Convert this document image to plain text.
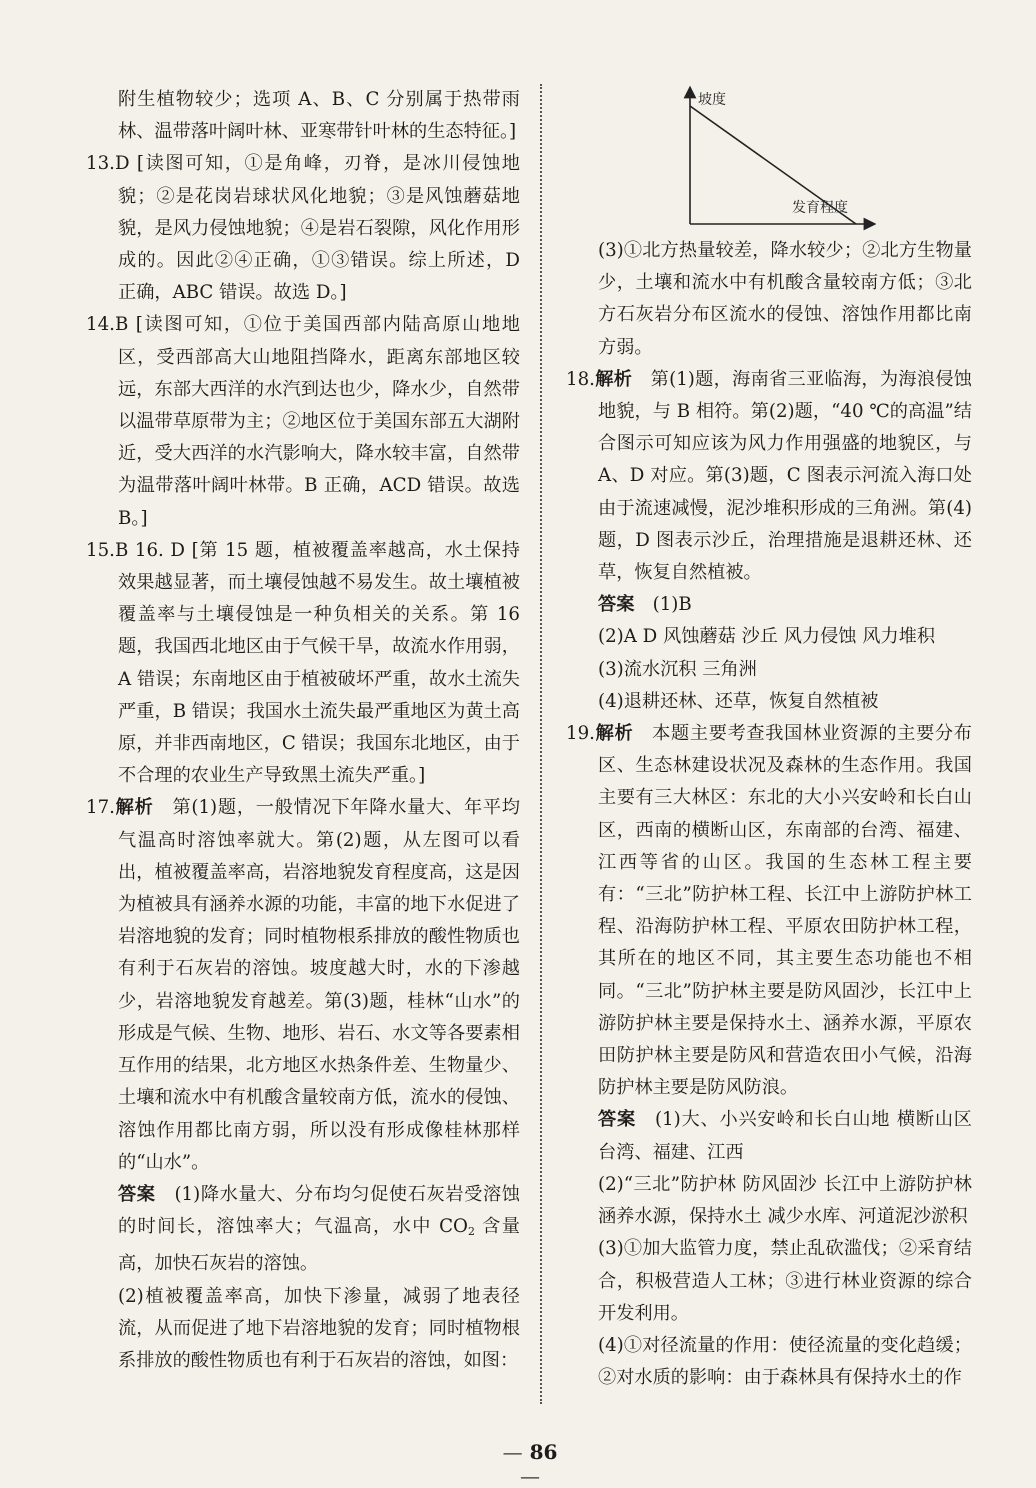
附生植物较少；选项 A、B、C 分别属于热带雨林、温带落叶阔叶林、亚寒带针叶林的生态特征。]

13.D [读图可知，①是角峰，刃脊，是冰川侵蚀地貌；②是花岗岩球状风化地貌；③是风蚀蘑菇地貌，是风力侵蚀地貌；④是岩石裂隙，风化作用形成的。因此②④正确，①③错误。综上所述，D 正确，ABC 错误。故选 D。]

14.B [读图可知，①位于美国西部内陆高原山地地区，受西部高大山地阻挡降水，距离东部地区较远，东部大西洋的水汽到达也少，降水少，自然带以温带草原带为主；②地区位于美国东部五大湖附近，受大西洋的水汽影响大，降水较丰富，自然带为温带落叶阔叶林带。B 正确，ACD 错误。故选 B。]

15.B 16. D [第 15 题，植被覆盖率越高，水土保持效果越显著，而土壤侵蚀越不易发生。故土壤植被覆盖率与土壤侵蚀是一种负相关的关系。第 16 题，我国西北地区由于气候干旱，故流水作用弱，A 错误；东南地区由于植被破坏严重，故水土流失严重，B 错误；我国水土流失最严重地区为黄土高原，并非西南地区，C 错误；我国东北地区，由于不合理的农业生产导致黑土流失严重。]

17.解析　 第(1)题，一般情况下年降水量大、年平均气温高时溶蚀率就大。第(2)题，从左图可以看出，植被覆盖率高，岩溶地貌发育程度高，这是因为植被具有涵养水源的功能，丰富的地下水促进了岩溶地貌的发育；同时植物根系排放的酸性物质也有利于石灰岩的溶蚀。坡度越大时，水的下渗越少，岩溶地貌发育越差。第(3)题，桂林“山水”的形成是气候、生物、地形、岩石、水文等各要素相互作用的结果，北方地区水热条件差、生物量少、土壤和流水中有机酸含量较南方低，流水的侵蚀、溶蚀作用都比南方弱，所以没有形成像桂林那样的“山水”。

答案　 (1)降水量大、分布均匀促使石灰岩受溶蚀的时间长，溶蚀率大；气温高，水中 $CO_2$ 含量高，加快石灰岩的溶蚀。

(2)植被覆盖率高，加快下渗量，减弱了地表径流，从而促进了地下岩溶地貌的发育；同时植物根系排放的酸性物质也有利于石灰岩的溶蚀，如图：

坡度
发育程度

(3)①北方热量较差，降水较少；②北方生物量少，土壤和流水中有机酸含量较南方低；③北方石灰岩分布区流水的侵蚀、溶蚀作用都比南方弱。

18.解析　 第(1)题，海南省三亚临海，为海浪侵蚀地貌，与 B 相符。第(2)题，“40 ℃的高温”结合图示可知应该为风力作用强盛的地貌区，与 A、D 对应。第(3)题，C 图表示河流入海口处由于流速减慢，泥沙堆积形成的三角洲。第(4)题，D 图表示沙丘，治理措施是退耕还林、还草，恢复自然植被。

答案　 (1)B

(2)A D 风蚀蘑菇 沙丘 风力侵蚀 风力堆积

(3)流水沉积 三角洲

(4)退耕还林、还草，恢复自然植被

19.解析　 本题主要考查我国林业资源的主要分布区、生态林建设状况及森林的生态作用。我国主要有三大林区：东北的大小兴安岭和长白山区，西南的横断山区，东南部的台湾、福建、江西等省的山区。我国的生态林工程主要有：“三北”防护林工程、长江中上游防护林工程、沿海防护林工程、平原农田防护林工程，其所在的地区不同，其主要生态功能也不相同。“三北”防护林主要是防风固沙，长江中上游防护林主要是保持水土、涵养水源，平原农田防护林主要是防风和营造农田小气候，沿海防护林主要是防风防浪。

答案　 (1)大、小兴安岭和长白山地 横断山区 台湾、福建、江西

(2)“三北”防护林 防风固沙 长江中上游防护林 涵养水源，保持水土 减少水库、河道泥沙淤积

(3)①加大监管力度，禁止乱砍滥伐；②采育结合，积极营造人工林；③进行林业资源的综合开发利用。

(4)①对径流量的作用：使径流量的变化趋缓；②对水质的影响：由于森林具有保持水土的作

— 86 —
